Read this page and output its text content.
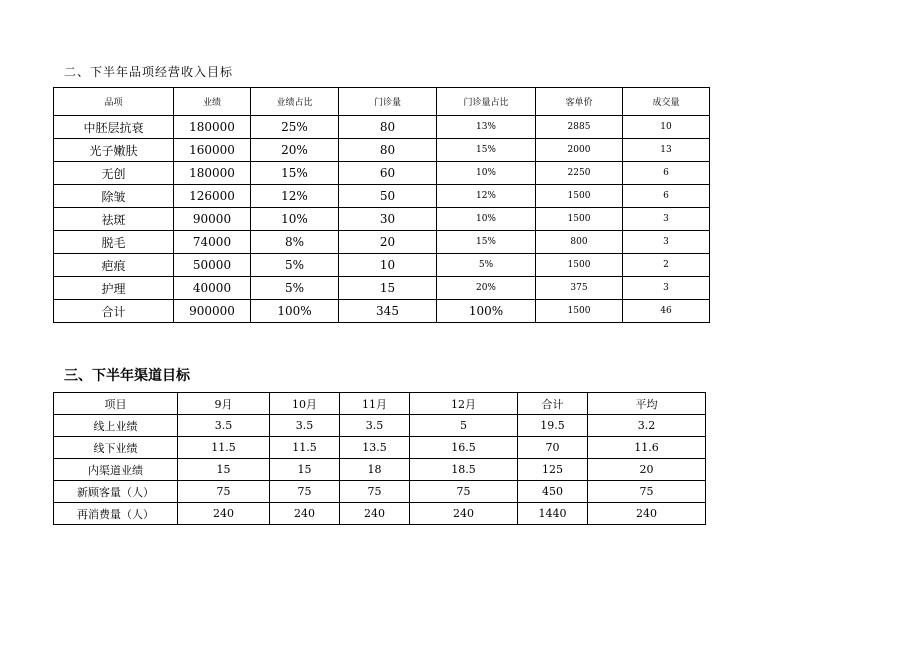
二、下半年品项经营收入目标
品项	业绩	业绩占比	门诊量	门诊量占比	客单价	成交量
中胚层抗衰	180000	25%	80	13%	2885	10
光子嫩肤	160000	20%	80	15%	2000	13
无创	180000	15%	60	10%	2250	6
除皱	126000	12%	50	12%	1500	6
祛斑	90000	10%	30	10%	1500	3
脱毛	74000	8%	20	15%	800	3
疤痕	50000	5%	10	5%	1500	2
护理	40000	5%	15	20%	375	3
合计	900000	100%	345	100%	1500	46
三、下半年渠道目标
项目	9月	10月	11月	12月	合计	平均
线上业绩	3.5	3.5	3.5	5	19.5	3.2
线下业绩	11.5	11.5	13.5	16.5	70	11.6
内渠道业绩	15	15	18	18.5	125	20
新顾客量（人）	75	75	75	75	450	75
再消费量（人）	240	240	240	240	1440	240
